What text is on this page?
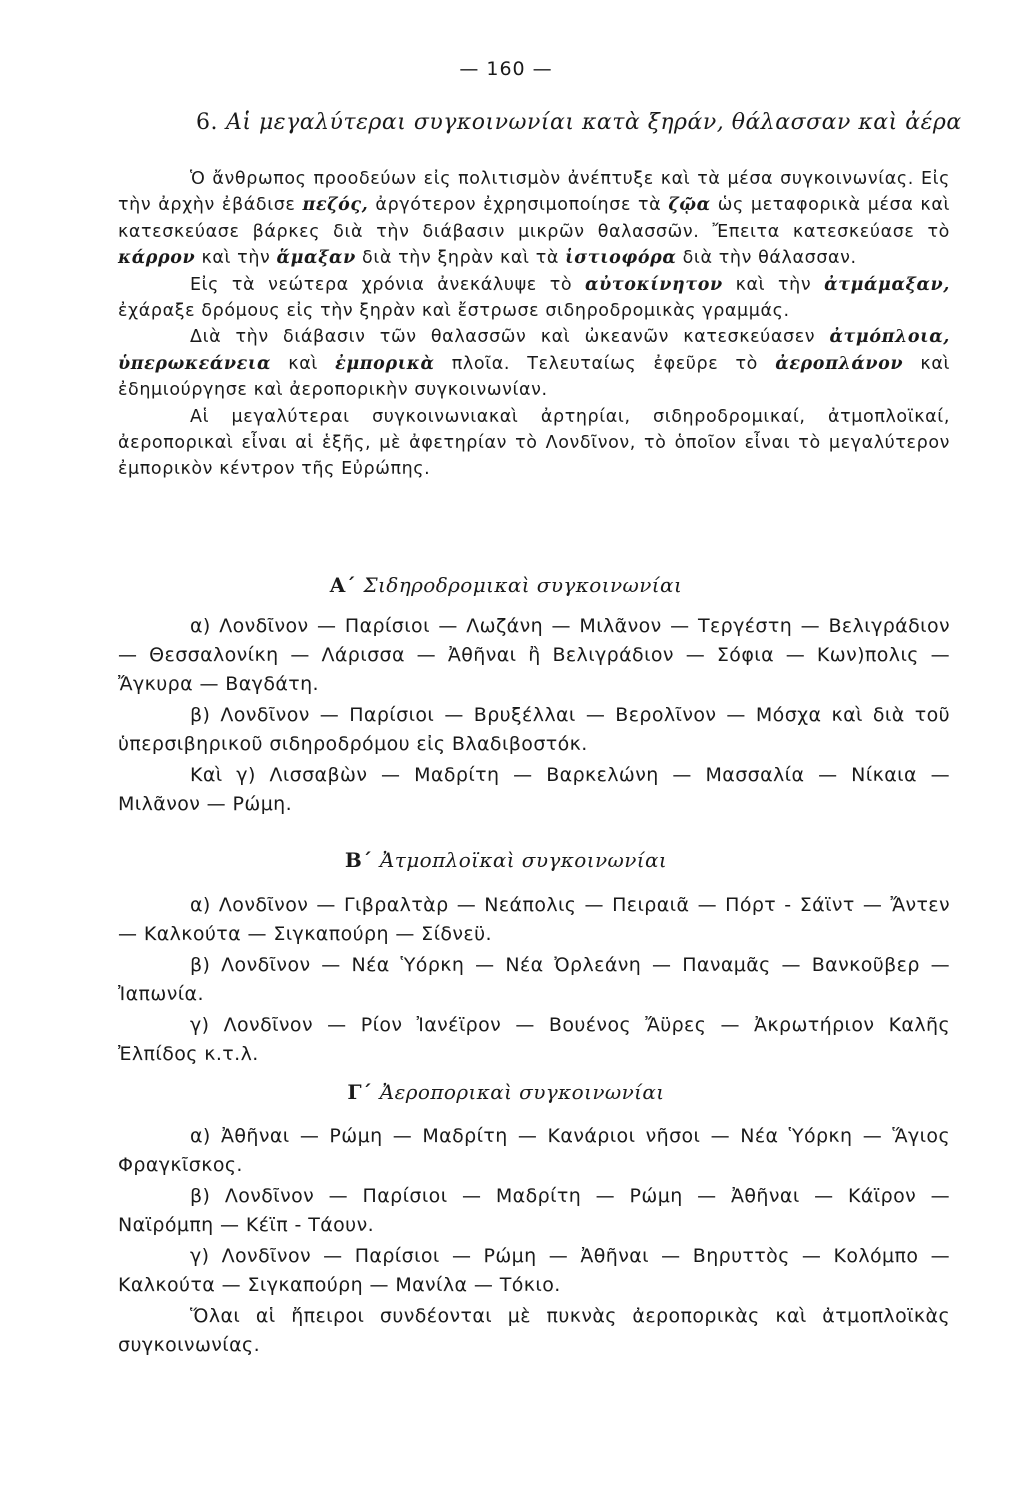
— 160 —
6. Αἱ μεγαλύτεραι συγκοινωνίαι κατὰ ξηράν, θάλασσαν καὶ ἀέρα

Ὁ ἄνθρωπος προοδεύων εἰς πολιτισμὸν ἀνέπτυξε καὶ τὰ μέσα συγκοινωνίας. Εἰς τὴν ἀρχὴν ἐβάδισε πεζός, ἀργότερον ἐχρησιμοποίησε τὰ ζῷα ὡς μεταφορικὰ μέσα καὶ κατεσκεύασε βάρκες διὰ τὴν διάβασιν μικρῶν θαλασσῶν. Ἔπειτα κατεσκεύασε τὸ κάρρον καὶ τὴν ἅμαξαν διὰ τὴν ξηρὰν καὶ τὰ ἱστιοφόρα διὰ τὴν θάλασσαν.

Εἰς τὰ νεώτερα χρόνια ἀνεκάλυψε τὸ αὐτοκίνητον καὶ τὴν ἀτμάμαξαν, ἐχάραξε δρόμους εἰς τὴν ξηρὰν καὶ ἔστρωσε σιδηροδρομικὰς γραμμάς.

Διὰ τὴν διάβασιν τῶν θαλασσῶν καὶ ὠκεανῶν κατεσκεύασεν ἀτμόπλοια, ὑπερωκεάνεια καὶ ἐμπορικὰ πλοῖα. Τελευταίως ἐφεῦρε τὸ ἀεροπλάνον καὶ ἐδημιούργησε καὶ ἀεροπορικὴν συγκοινωνίαν.

Αἱ μεγαλύτεραι συγκοινωνιακαὶ ἀρτηρίαι, σιδηροδρομικαί, ἀτμοπλοϊκαί, ἀεροπορικαὶ εἶναι αἱ ἑξῆς, μὲ ἀφετηρίαν τὸ Λονδῖνον, τὸ ὁποῖον εἶναι τὸ μεγαλύτερον ἐμπορικὸν κέντρον τῆς Εὐρώπης.

Α΄ Σιδηροδρομικαὶ συγκοινωνίαι

α) Λονδῖνον — Παρίσιοι — Λωζάνη — Μιλᾶνον — Τεργέστη — Βελιγράδιον — Θεσσαλονίκη — Λάρισσα — Ἀθῆναι ἢ Βελιγράδιον — Σόφια — Κων)πολις — Ἄγκυρα — Βαγδάτη.

β) Λονδῖνον — Παρίσιοι — Βρυξέλλαι — Βερολῖνον — Μόσχα καὶ διὰ τοῦ ὑπερσιβηρικοῦ σιδηροδρόμου εἰς Βλαδιβοστόκ.

Καὶ γ) Λισσαβὼν — Μαδρίτη — Βαρκελώνη — Μασσαλία — Νίκαια — Μιλᾶνον — Ρώμη.

Β΄ Ἀτμοπλοϊκαὶ συγκοινωνίαι

α) Λονδῖνον — Γιβραλτὰρ — Νεάπολις — Πειραιᾶ — Πόρτ - Σάϊντ — Ἄντεν — Καλκούτα — Σιγκαπούρη — Σίδνεϋ.

β) Λονδῖνον — Νέα Ὑόρκη — Νέα Ὀρλεάνη — Παναμᾶς — Βανκοῦβερ — Ἰαπωνία.

γ) Λονδῖνον — Ρίον Ἰανέϊρον — Βουένος Ἄϋρες — Ἀκρωτήριον Καλῆς Ἐλπίδος κ.τ.λ.

Γ΄ Ἀεροπορικαὶ συγκοινωνίαι

α) Ἀθῆναι — Ρώμη — Μαδρίτη — Κανάριοι νῆσοι — Νέα Ὑόρκη — Ἅγιος Φραγκῖσκος.

β) Λονδῖνον — Παρίσιοι — Μαδρίτη — Ρώμη — Ἀθῆναι — Κάϊρον — Ναϊρόμπη — Κέϊπ - Τάουν.

γ) Λονδῖνον — Παρίσιοι — Ρώμη — Ἀθῆναι — Βηρυττὸς — Κολόμπο — Καλκούτα — Σιγκαπούρη — Μανίλα — Τόκιο.

Ὅλαι αἱ ἤπειροι συνδέονται μὲ πυκνὰς ἀεροπορικὰς καὶ ἀτμοπλοϊκὰς συγκοινωνίας.
